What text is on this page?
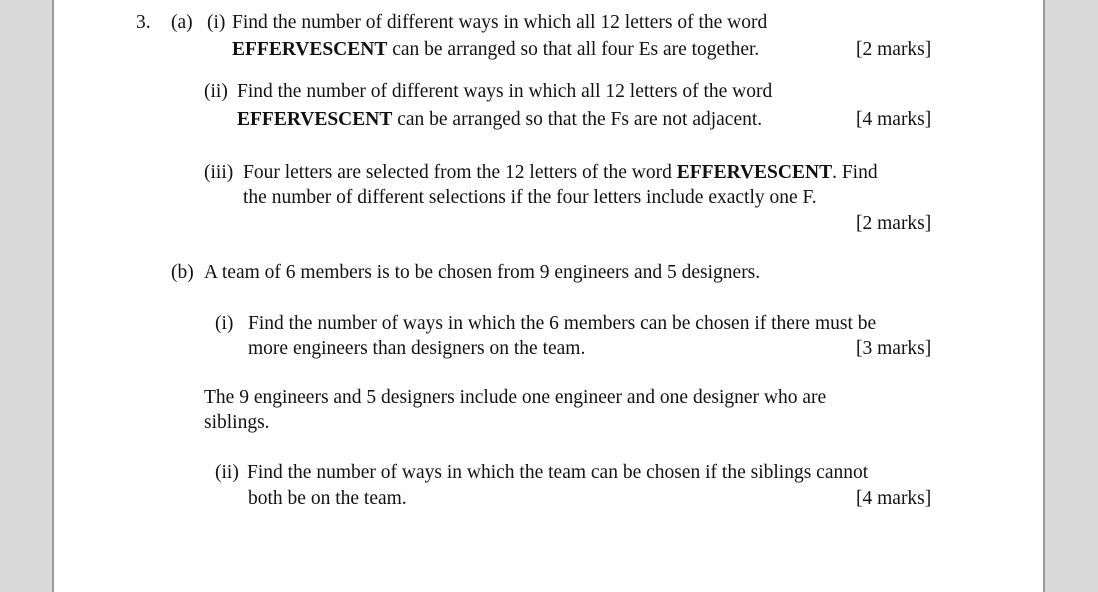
3. (a) (i) Find the number of different ways in which all 12 letters of the word
EFFERVESCENT can be arranged so that all four Es are together.	[2 marks]
(ii) Find the number of different ways in which all 12 letters of the word
EFFERVESCENT can be arranged so that the Fs are not adjacent.	[4 marks]
(iii) Four letters are selected from the 12 letters of the word EFFERVESCENT. Find
the number of different selections if the four letters include exactly one F.
[2 marks]
(b) A team of 6 members is to be chosen from 9 engineers and 5 designers.
(i) Find the number of ways in which the 6 members can be chosen if there must be
more engineers than designers on the team.	[3 marks]
The 9 engineers and 5 designers include one engineer and one designer who are
siblings.
(ii) Find the number of ways in which the team can be chosen if the siblings cannot
both be on the team.	[4 marks]
